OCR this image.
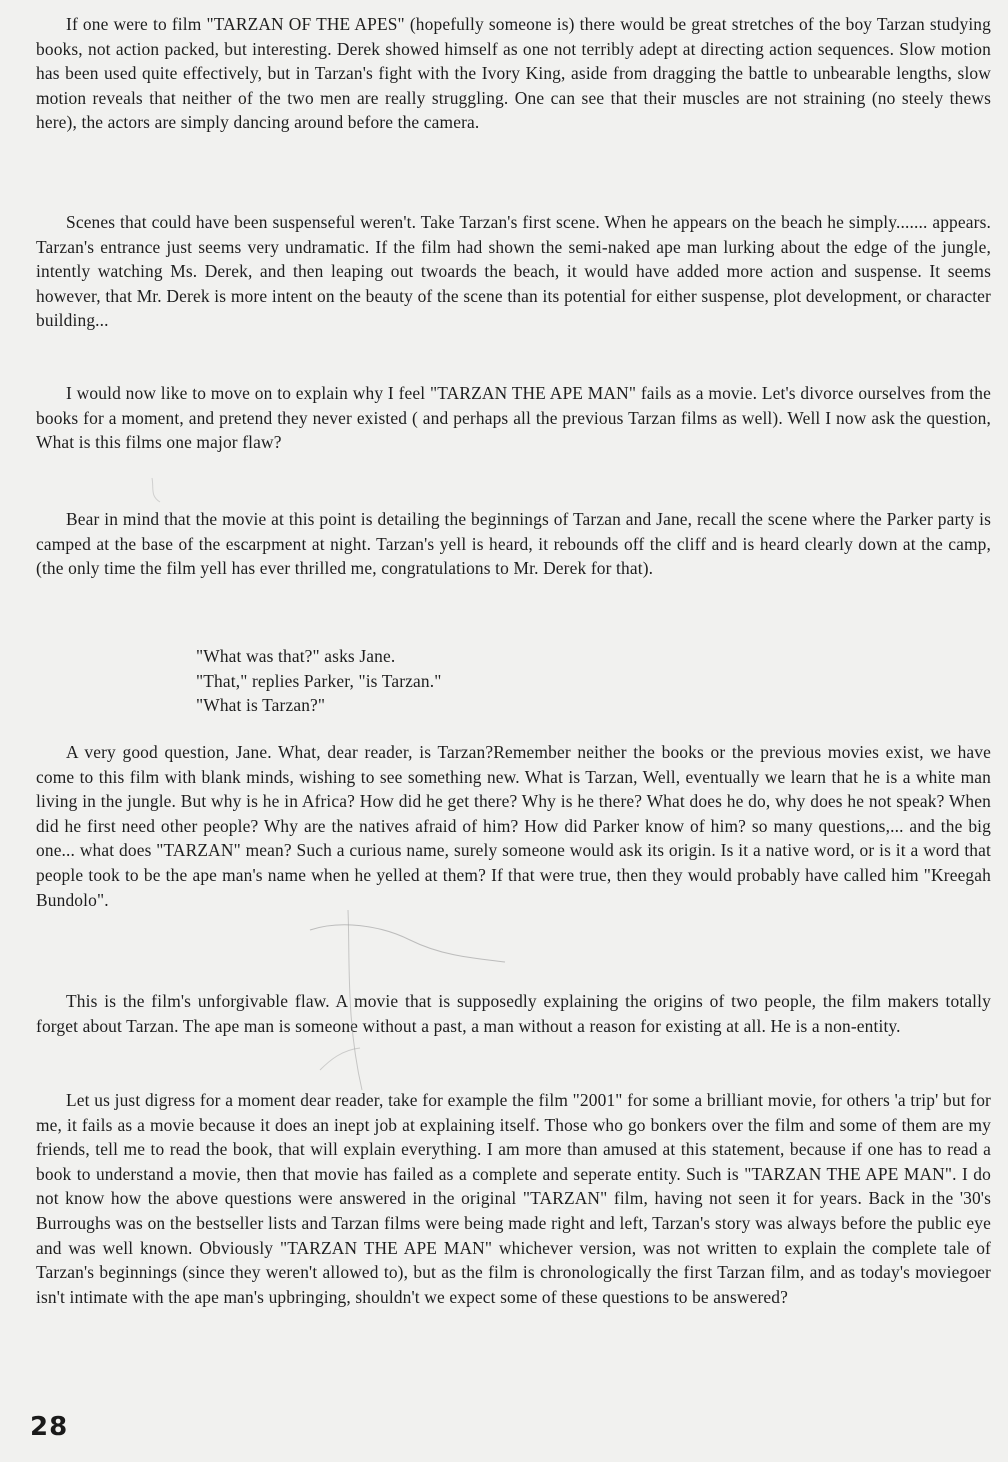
If one were to film "TARZAN OF THE APES" (hopefully someone is) there would be great stretches of the boy Tarzan studying books, not action packed, but interesting. Derek showed himself as one not terribly adept at directing action sequences. Slow motion has been used quite effectively, but in Tarzan's fight with the Ivory King, aside from dragging the battle to unbearable lengths, slow motion reveals that neither of the two men are really struggling. One can see that their muscles are not straining (no steely thews here), the actors are simply dancing around before the camera.

Scenes that could have been suspenseful weren't. Take Tarzan's first scene. When he appears on the beach he simply....... appears. Tarzan's entrance just seems very undramatic. If the film had shown the semi-naked ape man lurking about the edge of the jungle, intently watching Ms. Derek, and then leaping out twoards the beach, it would have added more action and suspense. It seems however, that Mr. Derek is more intent on the beauty of the scene than its potential for either suspense, plot development, or character building...

I would now like to move on to explain why I feel "TARZAN THE APE MAN" fails as a movie. Let's divorce ourselves from the books for a moment, and pretend they never existed ( and perhaps all the previous Tarzan films as well). Well I now ask the question, What is this films one major flaw?

Bear in mind that the movie at this point is detailing the beginnings of Tarzan and Jane, recall the scene where the Parker party is camped at the base of the escarpment at night. Tarzan's yell is heard, it rebounds off the cliff and is heard clearly down at the camp, (the only time the film yell has ever thrilled me, congratulations to Mr. Derek for that).

"What was that?" asks Jane.
"That," replies Parker, "is Tarzan."
"What is Tarzan?"

A very good question, Jane. What, dear reader, is Tarzan?Remember neither the books or the previous movies exist, we have come to this film with blank minds, wishing to see something new. What is Tarzan, Well, eventually we learn that he is a white man living in the jungle. But why is he in Africa? How did he get there? Why is he there? What does he do, why does he not speak? When did he first need other people? Why are the natives afraid of him? How did Parker know of him? so many questions,... and the big one... what does "TARZAN" mean? Such a curious name, surely someone would ask its origin. Is it a native word, or is it a word that people took to be the ape man's name when he yelled at them? If that were true, then they would probably have called him "Kreegah Bundolo".

This is the film's unforgivable flaw. A movie that is supposedly explaining the origins of two people, the film makers totally forget about Tarzan. The ape man is someone without a past, a man without a reason for existing at all. He is a non-entity.

Let us just digress for a moment dear reader, take for example the film "2001" for some a brilliant movie, for others 'a trip' but for me, it fails as a movie because it does an inept job at explaining itself. Those who go bonkers over the film and some of them are my friends, tell me to read the book, that will explain everything. I am more than amused at this statement, because if one has to read a book to understand a movie, then that movie has failed as a complete and seperate entity. Such is "TARZAN THE APE MAN". I do not know how the above questions were answered in the original "TARZAN" film, having not seen it for years. Back in the '30's Burroughs was on the bestseller lists and Tarzan films were being made right and left, Tarzan's story was always before the public eye and was well known. Obviously "TARZAN THE APE MAN" whichever version, was not written to explain the complete tale of Tarzan's beginnings (since they weren't allowed to), but as the film is chronologically the first Tarzan film, and as today's moviegoer isn't intimate with the ape man's upbringing, shouldn't we expect some of these questions to be answered?

28
